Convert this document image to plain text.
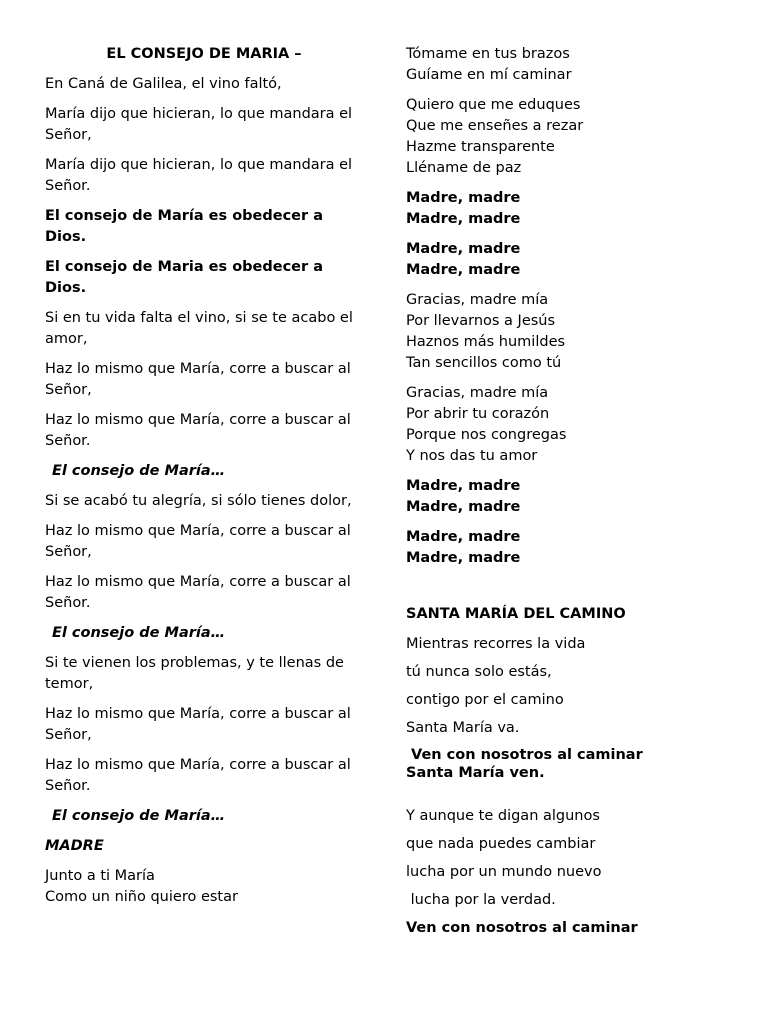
EL CONSEJO DE MARIA –

En Caná de Galilea, el vino faltó,

María dijo que hicieran, lo que mandara el Señor,

María dijo que hicieran, lo que mandara el Señor.

El consejo de María es obedecer a Dios.

El consejo de Maria es obedecer a Dios.

Si en tu vida falta el vino, si se te acabo el amor,

Haz lo mismo que María, corre a buscar al Señor,

Haz lo mismo que María, corre a buscar al Señor.

El consejo de María…

Si se acabó tu alegría, si sólo tienes dolor,

Haz lo mismo que María, corre a buscar al Señor,

Haz lo mismo que María, corre a buscar al Señor.

El consejo de María…

Si te vienen los problemas, y te llenas de temor,

Haz lo mismo que María, corre a buscar al Señor,

Haz lo mismo que María, corre a buscar al Señor.

El consejo de María…

MADRE

Junto a ti María
Como un niño quiero estar

Tómame en tus brazos
Guíame en mí caminar

Quiero que me eduques
Que me enseñes a rezar
Hazme transparente
Lléname de paz

Madre, madre
Madre, madre

Madre, madre
Madre, madre

Gracias, madre mía
Por llevarnos a Jesús
Haznos más humildes
Tan sencillos como tú

Gracias, madre mía
Por abrir tu corazón
Porque nos congregas
Y nos das tu amor

Madre, madre
Madre, madre

Madre, madre
Madre, madre

SANTA MARÍA DEL CAMINO

Mientras recorres la vida

tú nunca solo estás,

contigo por el camino

Santa María va.

Ven con nosotros al caminar
Santa María ven.

Y aunque te digan algunos

que nada puedes cambiar

lucha por un mundo nuevo

lucha por la verdad.

Ven con nosotros al caminar
